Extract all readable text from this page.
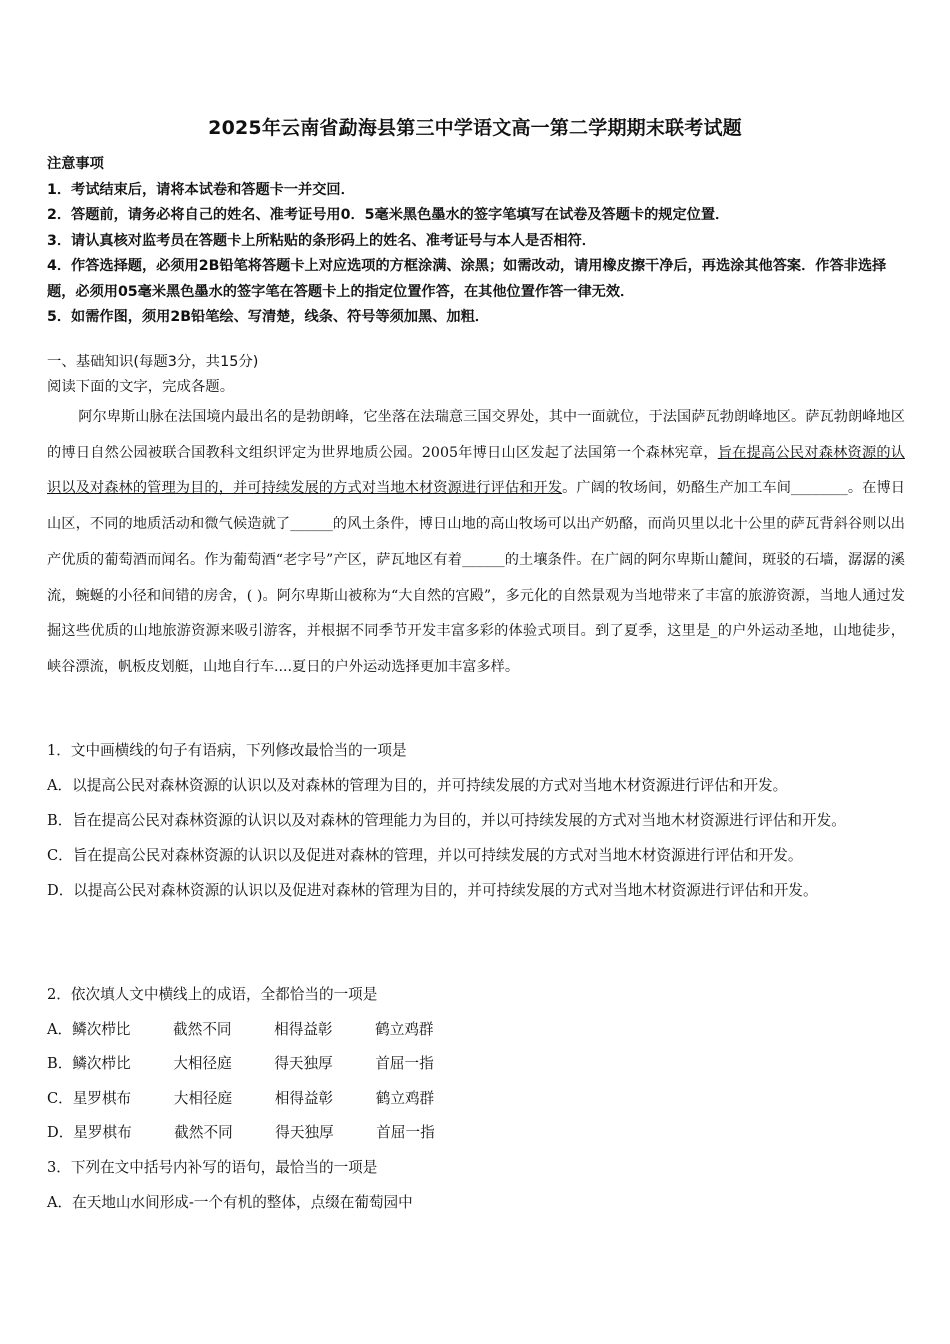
2025年云南省勐海县第三中学语文高一第二学期期末联考试题
注意事项
1．考试结束后，请将本试卷和答题卡一并交回．
2．答题前，请务必将自己的姓名、准考证号用0．5毫米黑色墨水的签字笔填写在试卷及答题卡的规定位置．
3．请认真核对监考员在答题卡上所粘贴的条形码上的姓名、准考证号与本人是否相符．
4．作答选择题，必须用2B铅笔将答题卡上对应选项的方框涂满、涂黑；如需改动，请用橡皮擦干净后，再选涂其他答案．作答非选择题，必须用05毫米黑色墨水的签字笔在答题卡上的指定位置作答，在其他位置作答一律无效．
5．如需作图，须用2B铅笔绘、写清楚，线条、符号等须加黑、加粗．
一、基础知识(每题3分，共15分)
阅读下面的文字，完成各题。

阿尔卑斯山脉在法国境内最出名的是勃朗峰，它坐落在法瑞意三国交界处，其中一面就位，于法国萨瓦勃朗峰地区。萨瓦勃朗峰地区的博日自然公园被联合国教科文组织评定为世界地质公园。2005年博日山区发起了法国第一个森林宪章，旨在提高公民对森林资源的认识以及对森林的管理为目的，并可持续发展的方式对当地木材资源进行评估和开发。广阔的牧场间，奶酪生产加工车间________。在博日山区，不同的地质活动和微气候造就了______的风土条件，博日山地的高山牧场可以出产奶酪，而尚贝里以北十公里的萨瓦背斜谷则以出产优质的葡萄酒而闻名。作为葡萄酒“老字号”产区，萨瓦地区有着______的土壤条件。在广阔的阿尔卑斯山麓间，斑驳的石墙，潺潺的溪流，蜿蜒的小径和间错的房舍，( )。阿尔卑斯山被称为“大自然的宫殿”，多元化的自然景观为当地带来了丰富的旅游资源，当地人通过发掘这些优质的山地旅游资源来吸引游客，并根据不同季节开发丰富多彩的体验式项目。到了夏季，这里是_的户外运动圣地，山地徒步，峡谷漂流，帆板皮划艇，山地自行车....夏日的户外运动选择更加丰富多样。

1．文中画横线的句子有语病，下列修改最恰当的一项是
A．以提高公民对森林资源的认识以及对森林的管理为目的，并可持续发展的方式对当地木材资源进行评估和开发。
B．旨在提高公民对森林资源的认识以及对森林的管理能力为目的，并以可持续发展的方式对当地木材资源进行评估和开发。
C．旨在提高公民对森林资源的认识以及促进对森林的管理，并以可持续发展的方式对当地木材资源进行评估和开发。
D．以提高公民对森林资源的认识以及促进对森林的管理为目的，并可持续发展的方式对当地木材资源进行评估和开发。
2．依次填人文中横线上的成语，全都恰当的一项是
A．鳞次栉比	截然不同	相得益彰	鹤立鸡群
B．鳞次栉比	大相径庭	得天独厚	首屈一指
C．星罗棋布	大相径庭	相得益彰	鹤立鸡群
D．星罗棋布	截然不同	得天独厚	首屈一指
3．下列在文中括号内补写的语句，最恰当的一项是
A．在天地山水间形成-一个有机的整体，点缀在葡萄园中
